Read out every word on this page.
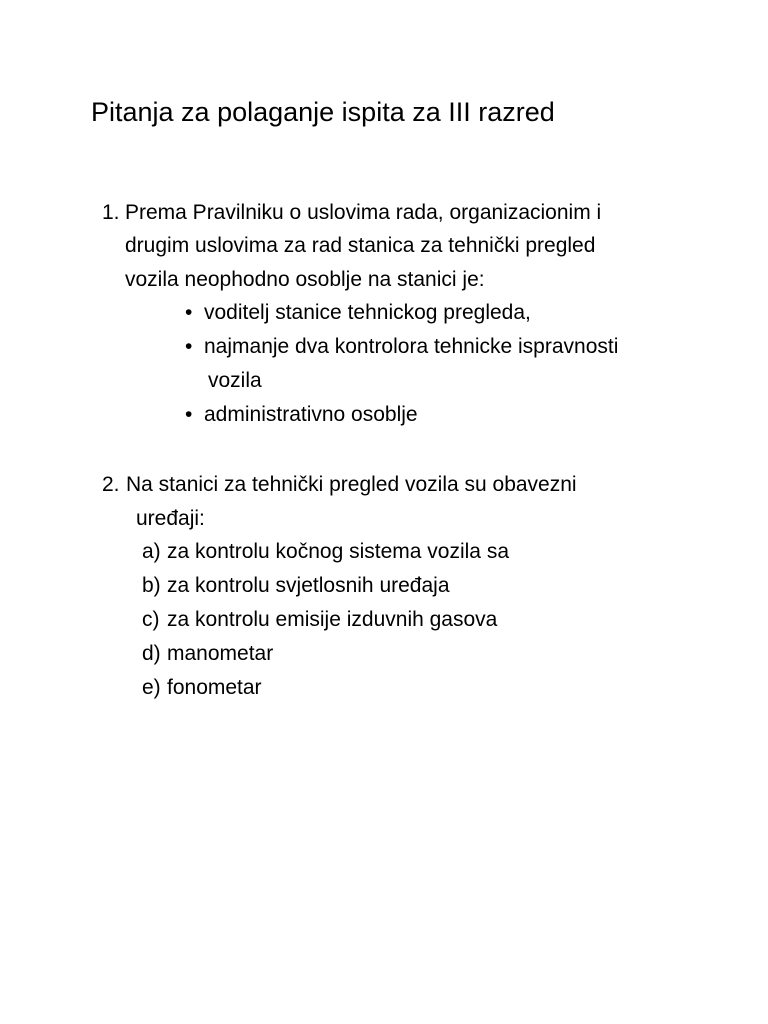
Pitanja za polaganje ispita za III razred
1. Prema Pravilniku o uslovima rada, organizacionim i
drugim uslovima za rad stanica za tehnički pregled
vozila neophodno osoblje na stanici je:
• voditelj stanice tehnickog pregleda,
• najmanje dva kontrolora tehnicke ispravnosti
vozila
• administrativno osoblje
2. Na stanici za tehnički pregled vozila su obavezni
uređaji:
a) za kontrolu kočnog sistema vozila sa
b) za kontrolu svjetlosnih uređaja
c) za kontrolu emisije izduvnih gasova
d) manometar
e) fonometar
